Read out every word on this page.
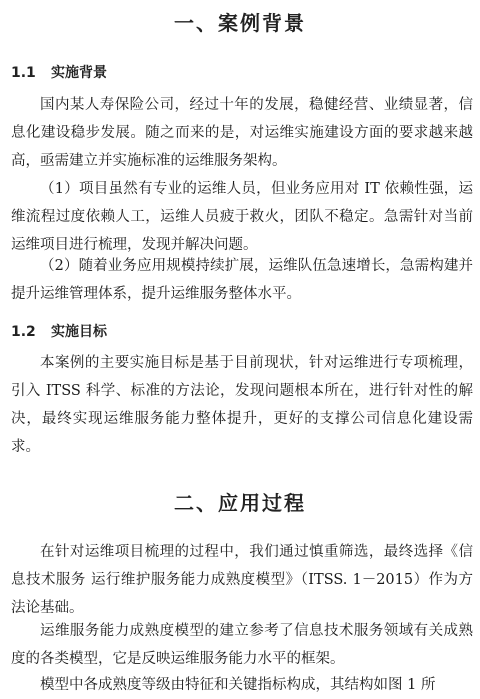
一、案例背景
1.1 实施背景

国内某人寿保险公司，经过十年的发展，稳健经营、业绩显著，信息化建设稳步发展。随之而来的是，对运维实施建设方面的要求越来越高，亟需建立并实施标准的运维服务架构。

（1）项目虽然有专业的运维人员，但业务应用对 IT 依赖性强，运维流程过度依赖人工，运维人员疲于救火，团队不稳定。急需针对当前运维项目进行梳理，发现并解决问题。

（2）随着业务应用规模持续扩展，运维队伍急速增长，急需构建并提升运维管理体系，提升运维服务整体水平。

1.2 实施目标

本案例的主要实施目标是基于目前现状，针对运维进行专项梳理，引入 ITSS 科学、标准的方法论，发现问题根本所在，进行针对性的解决，最终实现运维服务能力整体提升，更好的支撑公司信息化建设需求。

二、应用过程

在针对运维项目梳理的过程中，我们通过慎重筛选，最终选择《信息技术服务 运行维护服务能力成熟度模型》（ITSS. 1－2015）作为方法论基础。

运维服务能力成熟度模型的建立参考了信息技术服务领域有关成熟度的各类模型，它是反映运维服务能力水平的框架。

模型中各成熟度等级由特征和关键指标构成，其结构如图 1 所
